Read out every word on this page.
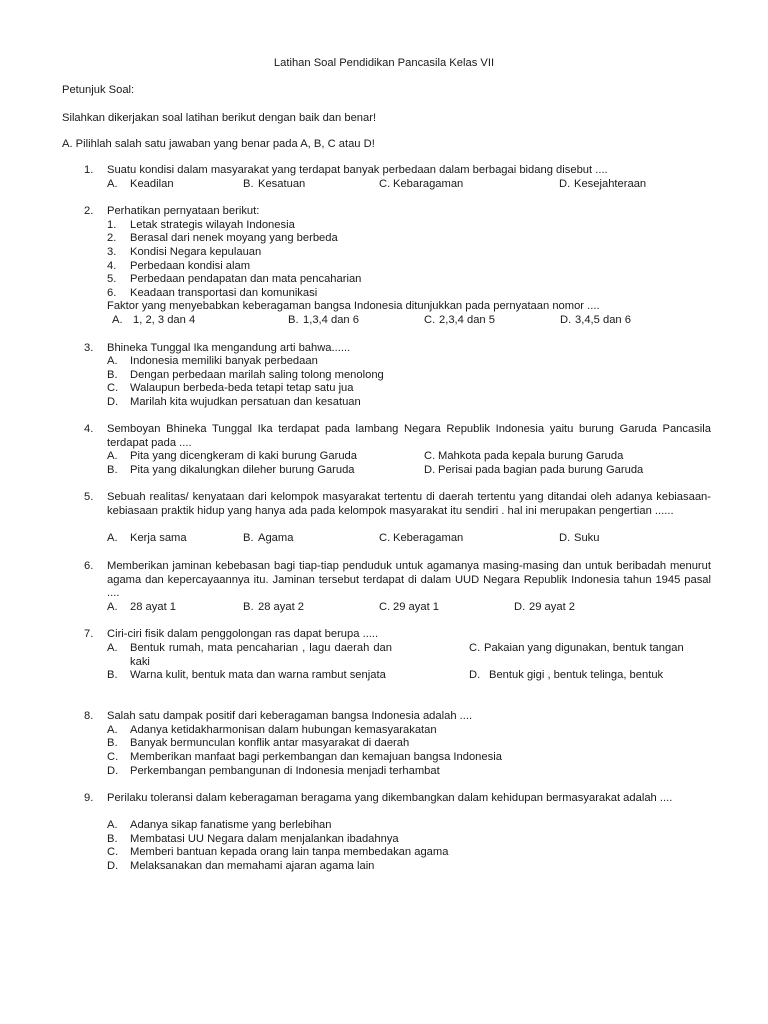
Latihan Soal Pendidikan Pancasila Kelas VII
Petunjuk Soal:
Silahkan dikerjakan soal latihan berikut dengan baik dan benar!
A. Pilihlah salah satu jawaban yang benar pada A, B, C atau D!
1. Suatu kondisi dalam masyarakat yang terdapat banyak perbedaan dalam berbagai bidang disebut ....
A. Keadilan	B. Kesatuan	C. Kebaragaman	D. Kesejahteraan
2. Perhatikan pernyataan berikut:
1. Letak strategis wilayah Indonesia
2. Berasal dari nenek moyang yang berbeda
3. Kondisi Negara kepulauan
4. Perbedaan kondisi alam
5. Perbedaan pendapatan dan mata pencaharian
6. Keadaan transportasi dan komunikasi
Faktor yang menyebabkan keberagaman bangsa Indonesia ditunjukkan pada pernyataan nomor ....
A. 1, 2, 3 dan 4	B. 1,3,4 dan 6	C. 2,3,4 dan 5	D. 3,4,5 dan 6
3. Bhineka Tunggal Ika mengandung arti bahwa......
A. Indonesia memiliki banyak perbedaan
B. Dengan perbedaan marilah saling tolong menolong
C. Walaupun berbeda-beda tetapi tetap satu jua
D. Marilah kita wujudkan persatuan dan kesatuan
4. Semboyan Bhineka Tunggal Ika terdapat pada lambang Negara Republik Indonesia yaitu burung Garuda Pancasila terdapat pada ....
A. Pita yang dicengkeram di kaki burung Garuda
B. Pita yang dikalungkan dileher burung Garuda
C. Mahkota pada kepala burung Garuda
D. Perisai pada bagian pada burung Garuda
5. Sebuah realitas/ kenyataan dari kelompok masyarakat tertentu di daerah tertentu yang ditandai oleh adanya kebiasaan-kebiasaan praktik hidup yang hanya ada pada kelompok masyarakat itu sendiri . hal ini merupakan pengertian ......
A. Kerja sama	B. Agama	C. Keberagaman	D. Suku
6. Memberikan jaminan kebebasan bagi tiap-tiap penduduk untuk agamanya masing-masing dan untuk beribadah menurut agama dan kepercayaannya itu. Jaminan tersebut terdapat di dalam UUD Negara Republik Indonesia tahun 1945 pasal ....
A. 28 ayat 1	B. 28 ayat 2	C. 29 ayat 1	D. 29 ayat 2
7. Ciri-ciri fisik dalam penggolongan ras dapat berupa .....
A. Bentuk rumah, mata pencaharian , lagu daerah dan kaki
B. Warna kulit, bentuk mata dan warna rambut senjata
C. Pakaian yang digunakan, bentuk tangan
D. Bentuk gigi , bentuk telinga, bentuk
8. Salah satu dampak positif dari keberagaman bangsa Indonesia adalah ....
A. Adanya ketidakharmonisan dalam hubungan kemasyarakatan
B. Banyak bermunculan konflik antar masyarakat di daerah
C. Memberikan manfaat bagi perkembangan dan kemajuan bangsa Indonesia
D. Perkembangan pembangunan di Indonesia menjadi terhambat
9. Perilaku toleransi dalam keberagaman beragama yang dikembangkan dalam kehidupan bermasyarakat adalah ....
A. Adanya sikap fanatisme yang berlebihan
B. Membatasi UU Negara dalam menjalankan ibadahnya
C. Memberi bantuan kepada orang lain tanpa membedakan agama
D. Melaksanakan dan memahami ajaran agama lain
